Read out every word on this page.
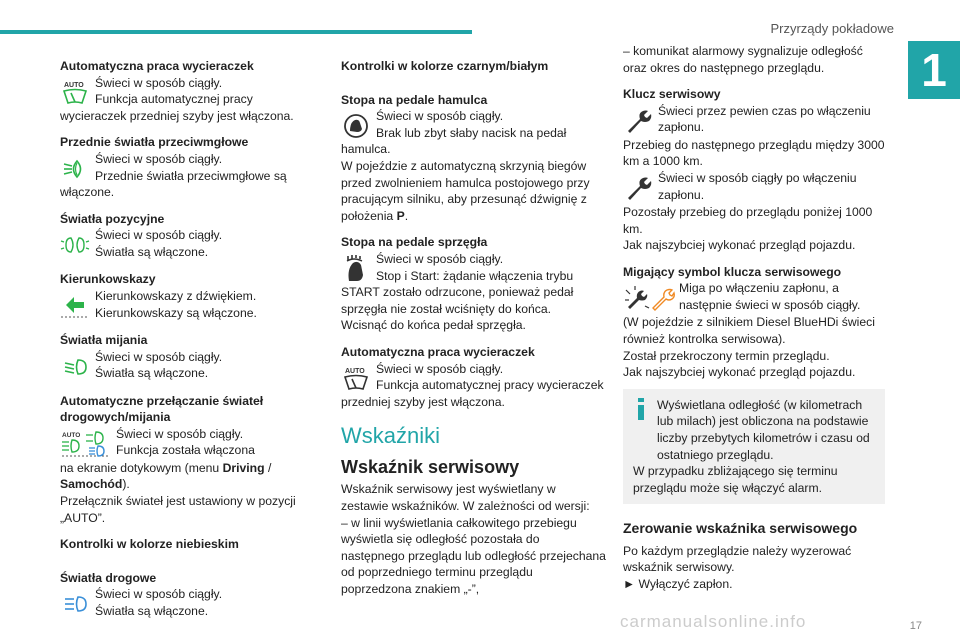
Przyrządy pokładowe
1
17
carmanualsonline.info

Automatyczna praca wycieraczek

AUTO Świeci w sposób ciągły.

Funkcja automatycznej pracy wycieraczek przedniej szyby jest włączona.

Przednie światła przeciwmgłowe

Świeci w sposób ciągły.

Przednie światła przeciwmgłowe są włączone.

Światła pozycyjne

Świeci w sposób ciągły.

Światła są włączone.

Kierunkowskazy

Kierunkowskazy z dźwiękiem.

Kierunkowskazy są włączone.

Światła mijania

Świeci w sposób ciągły.

Światła są włączone.

Automatyczne przełączanie świateł drogowych/mijania

AUTO	Świeci w sposób ciągły.

Funkcja została włączona

na ekranie dotykowym (menu Driving / Samochód).

Przełącznik świateł jest ustawiony w pozycji „AUTO”.

Kontrolki w kolorze niebieskim

Światła drogowe

Świeci w sposób ciągły.

Światła są włączone.

Kontrolki w kolorze czarnym/białym

Stopa na pedale hamulca

Świeci w sposób ciągły.

Brak lub zbyt słaby nacisk na pedał hamulca.

W pojeździe z automatyczną skrzynią biegów przed zwolnieniem hamulca postojowego przy pracującym silniku, aby przesunąć dźwignię z położenia P.

Stopa na pedale sprzęgła

Świeci w sposób ciągły.

Stop i Start: żądanie włączenia trybu START zostało odrzucone, ponieważ pedał sprzęgła nie został wciśnięty do końca.

Wcisnąć do końca pedał sprzęgła.

Automatyczna praca wycieraczek

AUTO Świeci w sposób ciągły.

Funkcja automatycznej pracy wycieraczek przedniej szyby jest włączona.

Wskaźniki
Wskaźnik serwisowy

Wskaźnik serwisowy jest wyświetlany w zestawie wskaźników. W zależności od wersji:

– w linii wyświetlania całkowitego przebiegu wyświetla się odległość pozostała do następnego przeglądu lub odległość przejechana od poprzedniego terminu przeglądu poprzedzona znakiem „-”,

– komunikat alarmowy sygnalizuje odległość oraz okres do następnego przeglądu.

Klucz serwisowy

Świeci przez pewien czas po włączeniu zapłonu.

Przebieg do następnego przeglądu między 3000 km a 1000 km.

Świeci w sposób ciągły po włączeniu zapłonu.

Pozostały przebieg do przeglądu poniżej 1000 km.

Jak najszybciej wykonać przegląd pojazdu.

Migający symbol klucza serwisowego

Miga po włączeniu zapłonu, a następnie świeci w sposób ciągły.

(W pojeździe z silnikiem Diesel BlueHDi świeci również kontrolka serwisowa).

Został przekroczony termin przeglądu.

Jak najszybciej wykonać przegląd pojazdu.

Wyświetlana odległość (w kilometrach lub milach) jest obliczona na podstawie liczby przebytych kilometrów i czasu od ostatniego przeglądu.

W przypadku zbliżającego się terminu przeglądu może się włączyć alarm.

Zerowanie wskaźnika serwisowego

Po każdym przeglądzie należy wyzerować wskaźnik serwisowy.

► Wyłączyć zapłon.
